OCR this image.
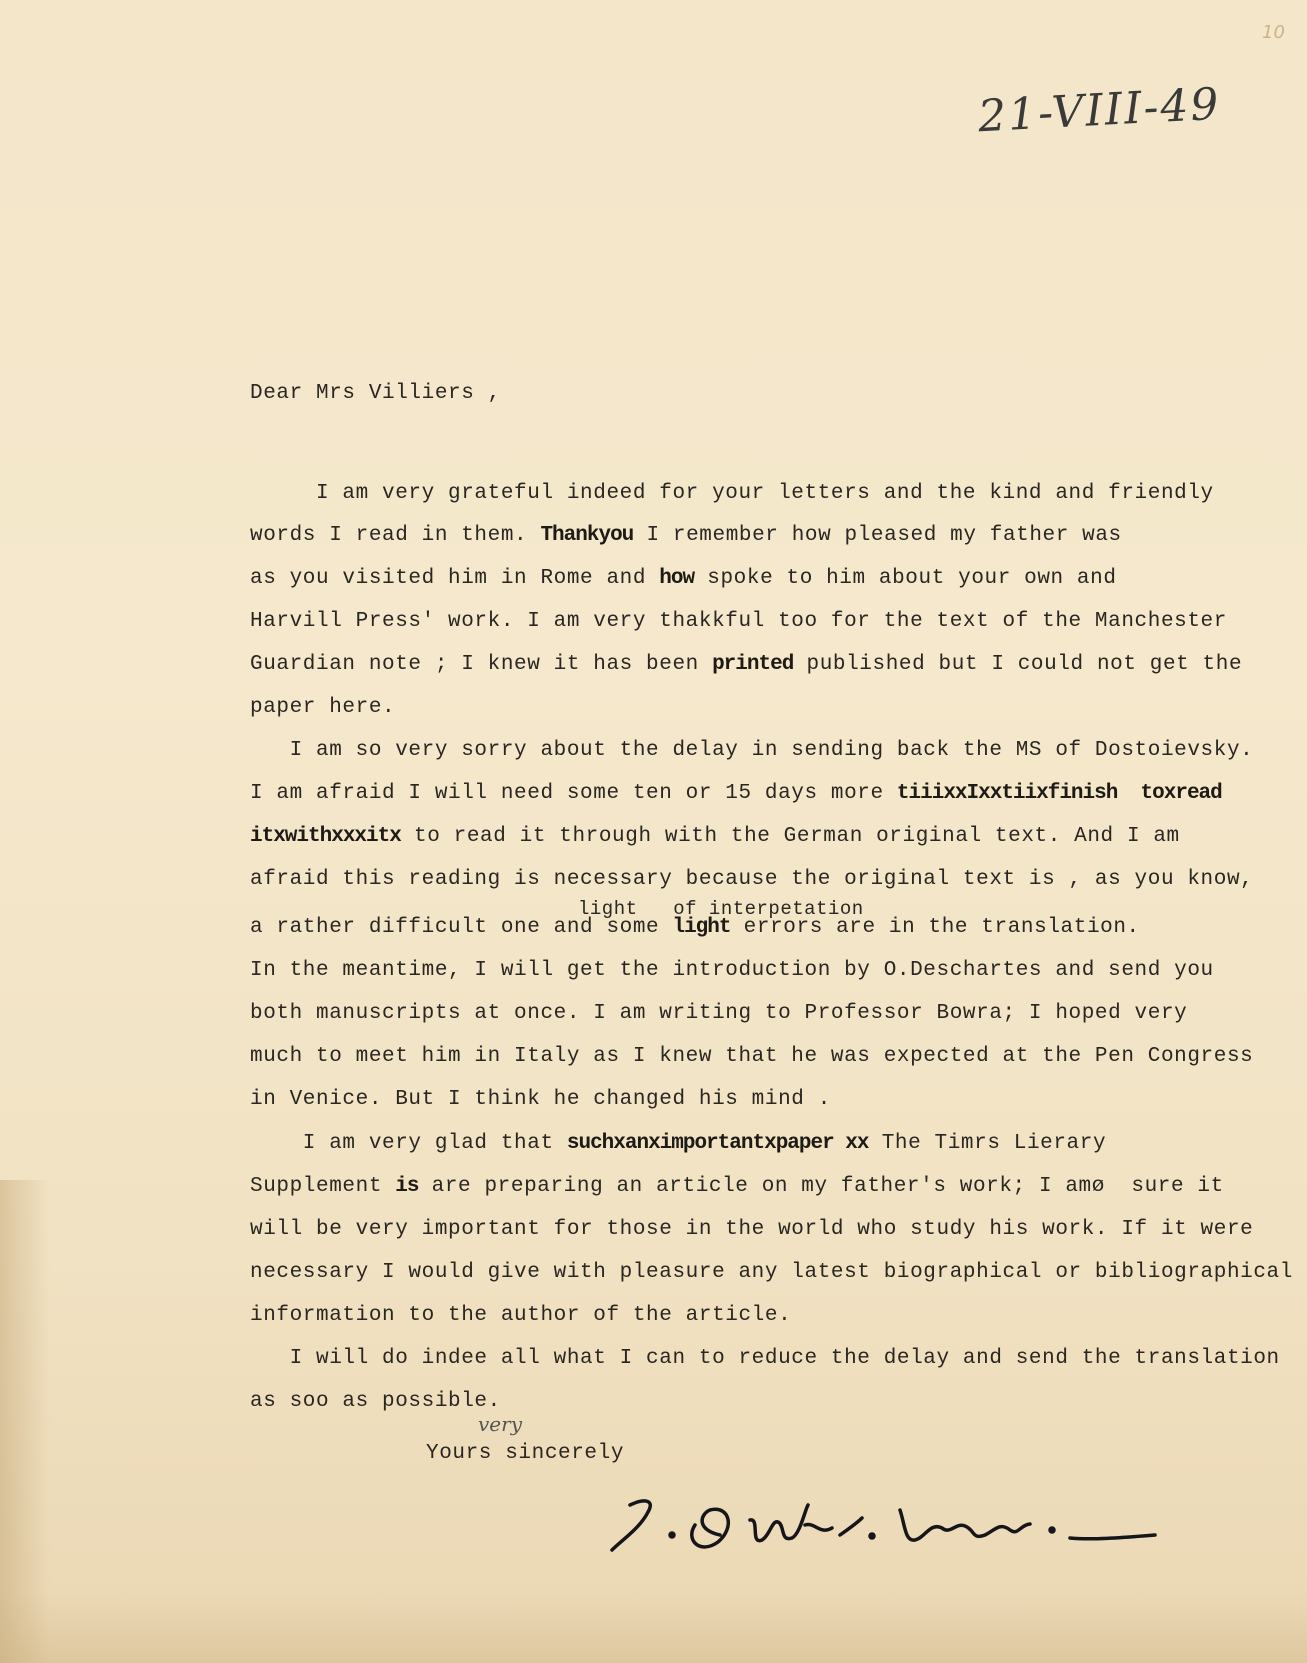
10
21-VIII-49
Dear Mrs Villiers ,
I am very grateful indeed for your letters and the kind and friendly
words I read in them. Thankyou I remember how pleased my father was
as you visited him in Rome and how spoke to him about your own and
Harvill Press' work. I am very thakkful too for the text of the Manchester
Guardian note ; I knew it has been printed published but I could not get the
paper here.
I am so very sorry about the delay in sending back the MS of Dostoievsky.
I am afraid I will need some ten or 15 days more tiiixxIxxtiixfinish  toxread
itxwithxxxitx to read it through with the German original text. And I am
afraid this reading is necessary because the original text is , as you know,
light   of interpetation
a rather difficult one and some light errors are in the translation.
In the meantime, I will get the introduction by O.Deschartes and send you
both manuscripts at once. I am writing to Professor Bowra; I hoped very
much to meet him in Italy as I knew that he was expected at the Pen Congress
in Venice. But I think he changed his mind .
I am very glad that suchxanximportantxpaper xx The Timrs Lierary
Supplement is are preparing an article on my father's work; I amø  sure it
will be very important for those in the world who study his work. If it were
necessary I would give with pleasure any latest biographical or bibliographical
information to the author of the article.
I will do indee all what I can to reduce the delay and send the translation
as soo as possible.
very
Yours sincerely
